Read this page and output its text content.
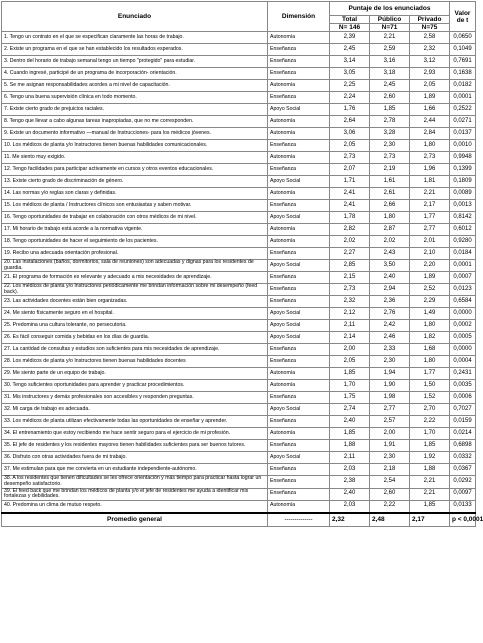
Enunciado	Dimensión	Puntaje de los enunciados			Valor
de t
		Total	Público	Privado	
		N= 146	N=71	N=75	
1. Tengo un contrato en el que se especifican claramente las horas de trabajo.	Autonomía	2,39	2,21	2,58	0,0650
2. Existe un programa en el que se han establecido los resultados esperados.	Enseñanza	2,45	2,59	2,32	0,1049
3. Dentro del horario de trabajo semanal tengo un tiempo "protegido" para estudiar.	Enseñanza	3,14	3,16	3,12	0,7691
4. Cuando ingresé, participé de un programa de incorporación- orientación.	Enseñanza	3,05	3,18	2,93	0,1638
5. Se me asignan responsabilidades acordes a mi nivel de capacitación.	Autonomía	2,25	2,45	2,05	0,0182
6. Tengo una buena supervisión clínica en todo momento.	Enseñanza	2,24	2,60	1,89	0,0001
7. Existe cierto grado de prejuicios raciales.	Apoyo Social	1,76	1,85	1,66	0,2522
8. Tengo que llevar a cabo algunas tareas inapropiadas, que no me corresponden.	Autonomía	2,64	2,78	2,44	0,0271
9. Existe un documento informativo —manual de Instrucciones- para los médicos jóvenes.	Autonomía	3,06	3,28	2,84	0,0137
10. Los médicos de planta y/o Instructores tienen buenas habilidades comunicacionales.	Enseñanza	2,05	2,30	1,80	0,0010
11. Me siento muy exigido.	Autonomía	2,73	2,73	2,73	0,9948
12. Tengo facilidades para participar activamente en cursos y otros eventos educacionales.	Enseñanza	2,07	2,19	1,96	0,1399
13. Existe cierto grado de discriminación de género.	Apoyo Social	1,71	1,61	1,81	0,1809
14. Las normas y/o reglas son claras y definidas.	Autonomía	2,41	2,61	2,21	0,0089
15. Los médicos de planta / Instructores clínicos son entusiastas y saben motivar.	Enseñanza	2,41	2,66	2,17	0,0013
16. Tengo oportunidades de trabajar en colaboración con otros médicos de mi nivel.	Apoyo Social	1,78	1,80	1,77	0,8142
17. Mi horario de trabajo está acorde a la normativa vigente.	Autonomía	2,82	2,87	2,77	0,6012
18. Tengo oportunidades de hacer el seguimiento de los pacientes.	Autonomía	2,02	2,02	2,01	0,9280
19. Recibo una adecuada orientación profesional.	Enseñanza	2,27	2,43	2,10	0,0184
20. Las instalaciones (baños, dormitorios, sala de reuniones) son adecuadas y dignas para los residentes de guardia.	Apoyo Social	2,85	3,50	2,20	0,0001
21. El programa de formación es relevante y adecuado a mis necesidades de aprendizaje.	Enseñanza	2,15	2,40	1,89	0,0007
22. Los médicos de planta y/o Instructores periódicamente me brindan información sobre mi desempeño (feed back).	Enseñanza	2,73	2,94	2,52	0,0123
23. Las actividades docentes están bien organizadas.	Enseñanza	2,32	2,36	2,29	0,6584
24. Me siento físicamente seguro en el hospital.	Apoyo Social	2,12	2,76	1,49	0,0000
25. Predomina una cultura tolerante, no persecutoria.	Apoyo Social	2,11	2,42	1,80	0,0002
26. Es fácil conseguir comida y bebidas en los días de guardia.	Apoyo Social	2,14	2,46	1,82	0,0005
27. La cantidad de consultas y estudios son suficientes para mis necesidades de aprendizaje.	Enseñanza	2,00	2,33	1,68	0,0000
28. Los médicos de planta y/o Instructores tienen buenas habilidades docentes	Enseñanza	2,05	2,30	1,80	0,0004
29. Me siento parte de un equipo de trabajo.	Autonomía	1,85	1,94	1,77	0,2431
30. Tengo suficientes oportunidades para aprender y practicar procedimientos.	Autonomía	1,70	1,90	1,50	0,0035
31. Mis instructores y demás profesionales son accesibles y responden preguntas.	Enseñanza	1,75	1,98	1,52	0,0006
32. Mi carga de trabajo es adecuada.	Apoyo Social	2,74	2,77	2,70	0,7027
33. Los médicos de planta utilizan efectivamente todas las oportunidades de enseñar y aprender.	Enseñanza	2,40	2,57	2,22	0,0159
34. El entrenamiento que estoy recibiendo me hace sentir seguro para el ejercicio de mi profesión.	Autonomía	1,85	2,00	1,70	0,0214
35. El jefe de residentes y los residentes mayores tienen habilidades suficientes para ser buenos tutores.	Enseñanza	1,88	1,91	1,85	0,6898
36. Disfruto con otras actividades fuera de mi trabajo.	Apoyo Social	2,11	2,30	1,92	0,0332
37. Me estimulan para que me convierta en un estudiante independiente-autónomo.	Enseñanza	2,03	2,18	1,88	0,0367
38. A los residentes que tienen dificultades se les ofrece orientación y más tiempo para practicar hasta lograr un desempeño satisfactorio.	Enseñanza	2,38	2,54	2,21	0,0292
39. El feed back que me brindan los médicos de planta y/o el jefe de residentes me ayuda a identificar mis fortalezas y debilidades.	Enseñanza	2,40	2,60	2,21	0,0097
40. Predomina un clima de mutuo respeto.	Autonomía	2,03	2,22	1,85	0,0133
Promedio general	--------------	2,32	2,48	2,17	p < 0,0001
